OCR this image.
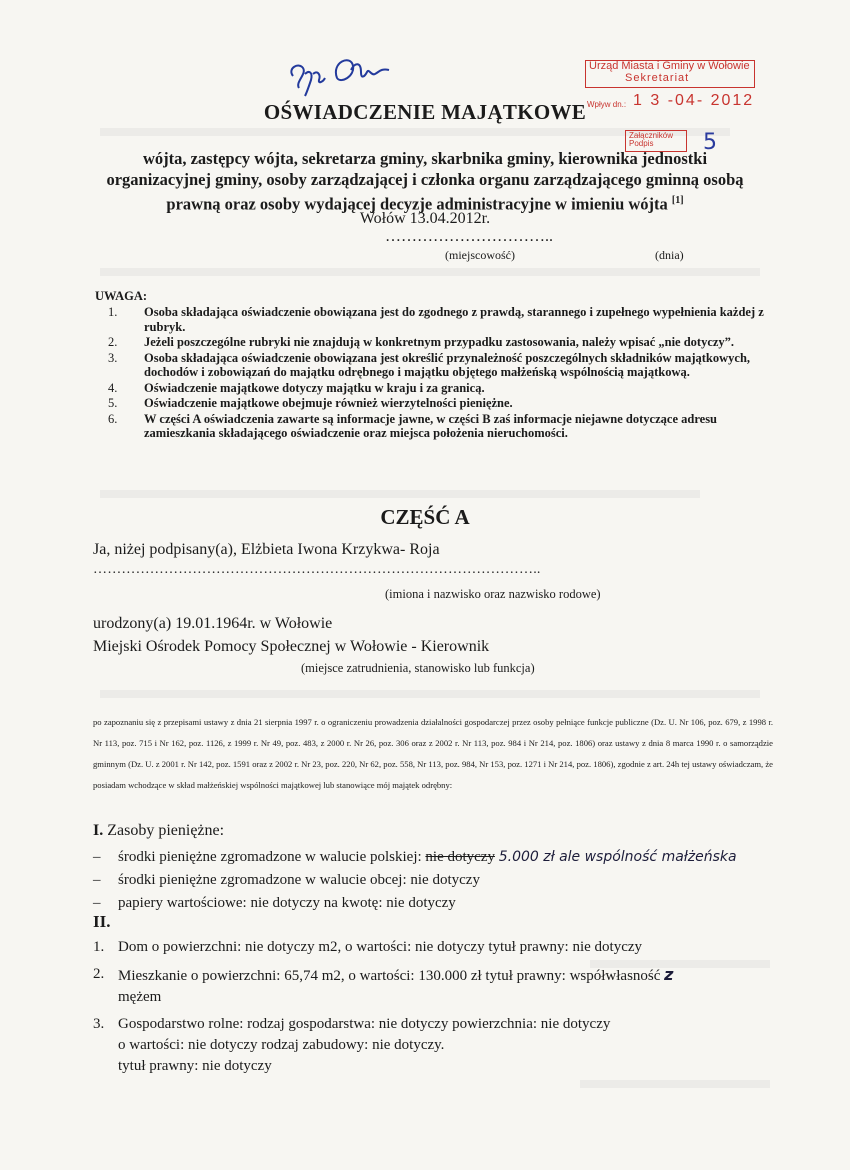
Urząd Miasta i Gminy w Wołowie
Sekretariat
Wpływ dn.: 1 3 -04- 2012
Załączników
Podpis	5
OŚWIADCZENIE MAJĄTKOWE
wójta, zastępcy wójta, sekretarza gminy, skarbnika gminy, kierownika jednostki organizacyjnej gminy, osoby zarządzającej i członka organu zarządzającego gminną osobą prawną oraz osoby wydającej decyzje administracyjne w imieniu wójta [1]
Wołów 13.04.2012r.
…………………………..
(miejscowość)	(dnia)
UWAGA:
1. Osoba składająca oświadczenie obowiązana jest do zgodnego z prawdą, starannego i zupełnego wypełnienia każdej z rubryk.
2. Jeżeli poszczególne rubryki nie znajdują w konkretnym przypadku zastosowania, należy wpisać „nie dotyczy”.
3. Osoba składająca oświadczenie obowiązana jest określić przynależność poszczególnych składników majątkowych, dochodów i zobowiązań do majątku odrębnego i majątku objętego małżeńską wspólnością majątkową.
4. Oświadczenie majątkowe dotyczy majątku w kraju i za granicą.
5. Oświadczenie majątkowe obejmuje również wierzytelności pieniężne.
6. W części A oświadczenia zawarte są informacje jawne, w części B zaś informacje niejawne dotyczące adresu zamieszkania składającego oświadczenie oraz miejsca położenia nieruchomości.
CZĘŚĆ A
Ja, niżej podpisany(a), Elżbieta Iwona Krzykwa- Roja
…………………………………………………………………………………..
(imiona i nazwisko oraz nazwisko rodowe)
urodzony(a) 19.01.1964r. w Wołowie
Miejski Ośrodek Pomocy Społecznej w Wołowie - Kierownik
(miejsce zatrudnienia, stanowisko lub funkcja)
po zapoznaniu się z przepisami ustawy z dnia 21 sierpnia 1997 r. o ograniczeniu prowadzenia działalności gospodarczej przez osoby pełniące funkcje publiczne (Dz. U. Nr 106, poz. 679, z 1998 r. Nr 113, poz. 715 i Nr 162, poz. 1126, z 1999 r. Nr 49, poz. 483, z 2000 r. Nr 26, poz. 306 oraz z 2002 r. Nr 113, poz. 984 i Nr 214, poz. 1806) oraz ustawy z dnia 8 marca 1990 r. o samorządzie gminnym (Dz. U. z 2001 r. Nr 142, poz. 1591 oraz z 2002 r. Nr 23, poz. 220, Nr 62, poz. 558, Nr 113, poz. 984, Nr 153, poz. 1271 i Nr 214, poz. 1806), zgodnie z art. 24h tej ustawy oświadczam, że posiadam wchodzące w skład małżeńskiej wspólności majątkowej lub stanowiące mój majątek odrębny:
I. Zasoby pieniężne:
– środki pieniężne zgromadzone w walucie polskiej: nie dotyczy 5.000 zł ale wspólność małżeńska
– środki pieniężne zgromadzone w walucie obcej: nie dotyczy
– papiery wartościowe: nie dotyczy na kwotę: nie dotyczy
II.
1. Dom o powierzchni: nie dotyczy m2, o wartości: nie dotyczy tytuł prawny: nie dotyczy
2. Mieszkanie o powierzchni: 65,74 m2, o wartości: 130.000 zł tytuł prawny: współwłasność z
mężem
3. Gospodarstwo rolne: rodzaj gospodarstwa: nie dotyczy powierzchnia: nie dotyczy
o wartości: nie dotyczy rodzaj zabudowy: nie dotyczy.
tytuł prawny: nie dotyczy
